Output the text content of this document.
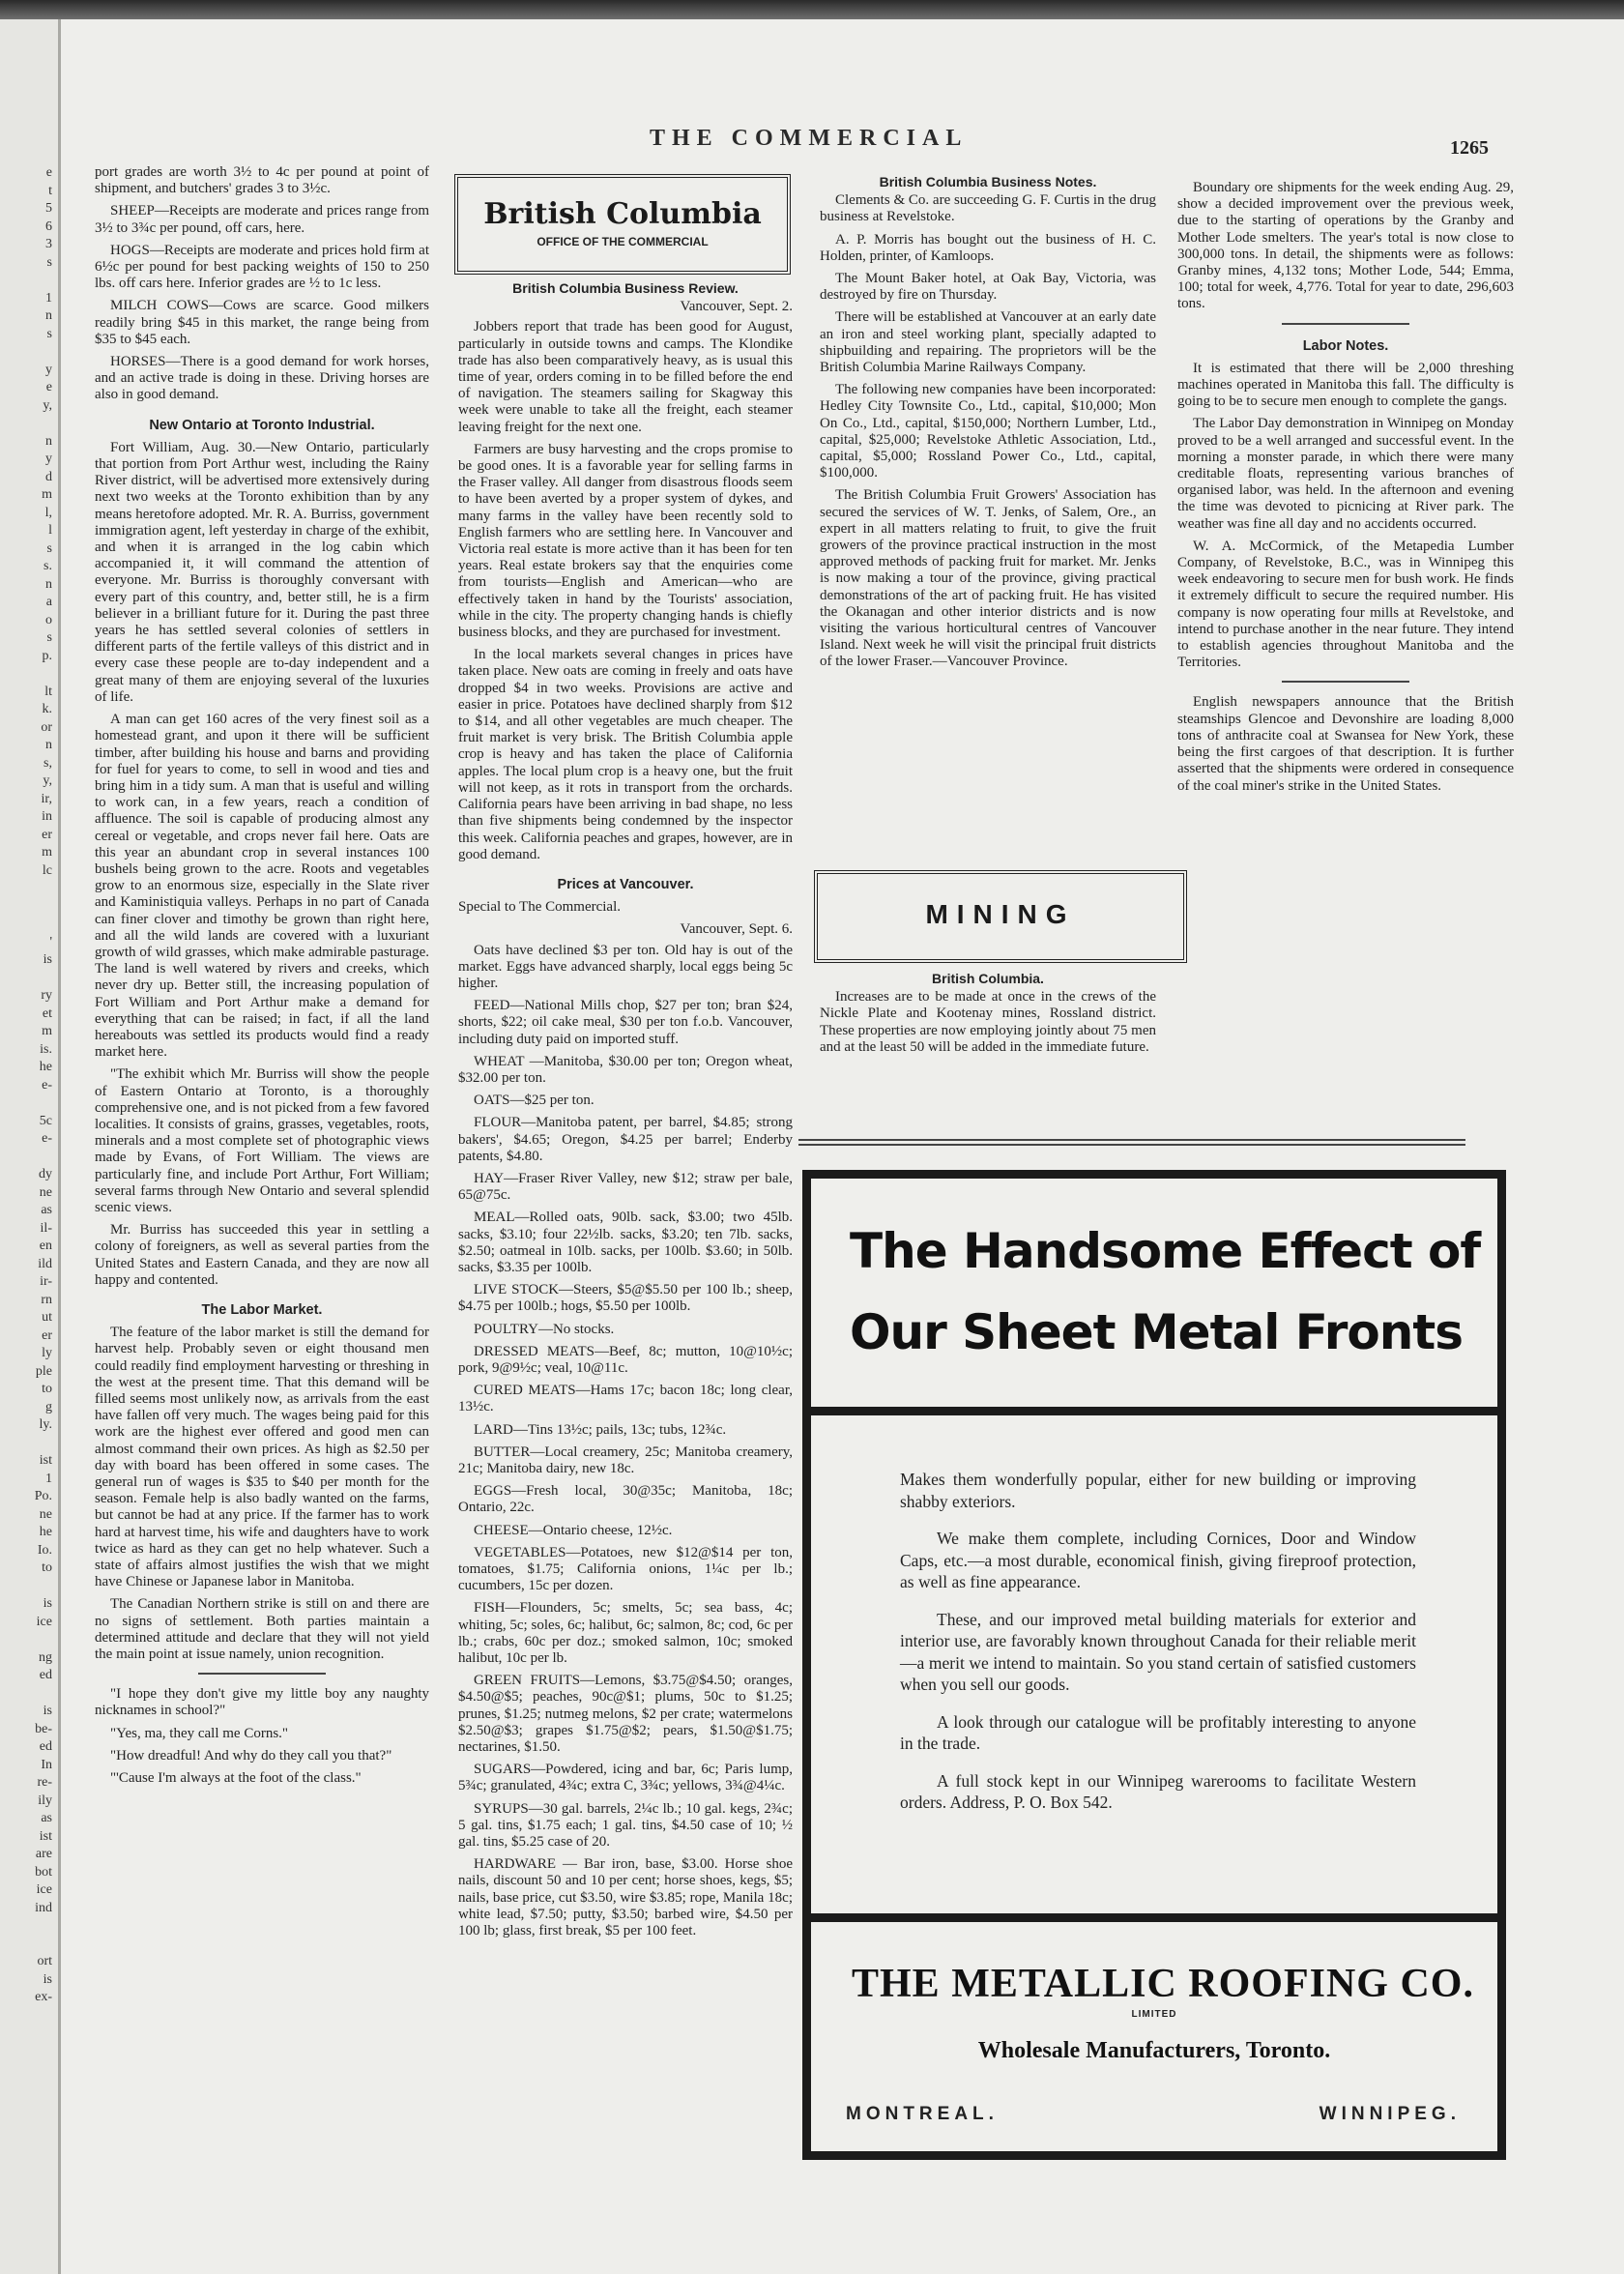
e
t
5
6
3
s
1
n
s
y
e
y,
n
y
d
m
l,
l
s
s.
n
a
o
s
p.
lt
k.
or
n
s,
y,
ir,
in
er
m
lc
'
is
ry
et
m
is.
he
e-
5c
e-
dy
ne
as
il-
en
ild
ir-
rn
ut
er
ly
ple
to
g
ly.
ist
1
Po.
ne
he
Io.
to
is
ice
ng
ed
is
be-
ed
In
re-
ily
as
ist
are
bot
ice
ind
ort
is
ex-
THE COMMERCIAL	1265

port grades are worth 3½ to 4c per pound at point of shipment, and butchers' grades 3 to 3½c.

SHEEP—Receipts are moderate and prices range from 3½ to 3¾c per pound, off cars, here.

HOGS—Receipts are moderate and prices hold firm at 6½c per pound for best packing weights of 150 to 250 lbs. off cars here. Inferior grades are ½ to 1c less.

MILCH COWS—Cows are scarce. Good milkers readily bring $45 in this market, the range being from $35 to $45 each.

HORSES—There is a good demand for work horses, and an active trade is doing in these. Driving horses are also in good demand.

New Ontario at Toronto Industrial.

Fort William, Aug. 30.—New Ontario, particularly that portion from Port Arthur west, including the Rainy River district, will be advertised more extensively during next two weeks at the Toronto exhibition than by any means heretofore adopted. Mr. R. A. Burriss, government immigration agent, left yesterday in charge of the exhibit, and when it is arranged in the log cabin which accompanied it, it will command the attention of everyone. Mr. Burriss is thoroughly conversant with every part of this country, and, better still, he is a firm believer in a brilliant future for it. During the past three years he has settled several colonies of settlers in different parts of the fertile valleys of this district and in every case these people are to-day independent and a great many of them are enjoying several of the luxuries of life.

A man can get 160 acres of the very finest soil as a homestead grant, and upon it there will be sufficient timber, after building his house and barns and providing for fuel for years to come, to sell in wood and ties and bring him in a tidy sum. A man that is useful and willing to work can, in a few years, reach a condition of affluence. The soil is capable of producing almost any cereal or vegetable, and crops never fail here. Oats are this year an abundant crop in several instances 100 bushels being grown to the acre. Roots and vegetables grow to an enormous size, especially in the Slate river and Kaministiquia valleys. Perhaps in no part of Canada can finer clover and timothy be grown than right here, and all the wild lands are covered with a luxuriant growth of wild grasses, which make admirable pasturage. The land is well watered by rivers and creeks, which never dry up. Better still, the increasing population of Fort William and Port Arthur make a demand for everything that can be raised; in fact, if all the land hereabouts was settled its products would find a ready market here.

"The exhibit which Mr. Burriss will show the people of Eastern Ontario at Toronto, is a thoroughly comprehensive one, and is not picked from a few favored localities. It consists of grains, grasses, vegetables, roots, minerals and a most complete set of photographic views made by Evans, of Fort William. The views are particularly fine, and include Port Arthur, Fort William; several farms through New Ontario and several splendid scenic views.

Mr. Burriss has succeeded this year in settling a colony of foreigners, as well as several parties from the United States and Eastern Canada, and they are now all happy and contented.

The Labor Market.

The feature of the labor market is still the demand for harvest help. Probably seven or eight thousand men could readily find employment harvesting or threshing in the west at the present time. That this demand will be filled seems most unlikely now, as arrivals from the east have fallen off very much. The wages being paid for this work are the highest ever offered and good men can almost command their own prices. As high as $2.50 per day with board has been offered in some cases. The general run of wages is $35 to $40 per month for the season. Female help is also badly wanted on the farms, but cannot be had at any price. If the farmer has to work hard at harvest time, his wife and daughters have to work twice as hard as they can get no help whatever. Such a state of affairs almost justifies the wish that we might have Chinese or Japanese labor in Manitoba.

The Canadian Northern strike is still on and there are no signs of settlement. Both parties maintain a determined attitude and declare that they will not yield the main point at issue namely, union recognition.

"I hope they don't give my little boy any naughty nicknames in school?"

"Yes, ma, they call me Corns."

"How dreadful! And why do they call you that?"

"'Cause I'm always at the foot of the class."

British Columbia
OFFICE OF THE COMMERCIAL

British Columbia Business Review.

Vancouver, Sept. 2.

Jobbers report that trade has been good for August, particularly in outside towns and camps. The Klondike trade has also been comparatively heavy, as is usual this time of year, orders coming in to be filled before the end of navigation. The steamers sailing for Skagway this week were unable to take all the freight, each steamer leaving freight for the next one.

Farmers are busy harvesting and the crops promise to be good ones. It is a favorable year for selling farms in the Fraser valley. All danger from disastrous floods seem to have been averted by a proper system of dykes, and many farms in the valley have been recently sold to English farmers who are settling here. In Vancouver and Victoria real estate is more active than it has been for ten years. Real estate brokers say that the enquiries come from tourists—English and American—who are effectively taken in hand by the Tourists' association, while in the city. The property changing hands is chiefly business blocks, and they are purchased for investment.

In the local markets several changes in prices have taken place. New oats are coming in freely and oats have dropped $4 in two weeks. Provisions are active and easier in price. Potatoes have declined sharply from $12 to $14, and all other vegetables are much cheaper. The fruit market is very brisk. The British Columbia apple crop is heavy and has taken the place of California apples. The local plum crop is a heavy one, but the fruit will not keep, as it rots in transport from the orchards. California pears have been arriving in bad shape, no less than five shipments being condemned by the inspector this week. California peaches and grapes, however, are in good demand.

Prices at Vancouver.

Special to The Commercial.

Vancouver, Sept. 6.

Oats have declined $3 per ton. Old hay is out of the market. Eggs have advanced sharply, local eggs being 5c higher.

FEED—National Mills chop, $27 per ton; bran $24, shorts, $22; oil cake meal, $30 per ton f.o.b. Vancouver, including duty paid on imported stuff.

WHEAT —Manitoba, $30.00 per ton; Oregon wheat, $32.00 per ton.

OATS—$25 per ton.

FLOUR—Manitoba patent, per barrel, $4.85; strong bakers', $4.65; Oregon, $4.25 per barrel; Enderby patents, $4.80.

HAY—Fraser River Valley, new $12; straw per bale, 65@75c.

MEAL—Rolled oats, 90lb. sack, $3.00; two 45lb. sacks, $3.10; four 22½lb. sacks, $3.20; ten 7lb. sacks, $2.50; oatmeal in 10lb. sacks, per 100lb. $3.60; in 50lb. sacks, $3.35 per 100lb.

LIVE STOCK—Steers, $5@$5.50 per 100 lb.; sheep, $4.75 per 100lb.; hogs, $5.50 per 100lb.

POULTRY—No stocks.

DRESSED MEATS—Beef, 8c; mutton, 10@10½c; pork, 9@9½c; veal, 10@11c.

CURED MEATS—Hams 17c; bacon 18c; long clear, 13½c.

LARD—Tins 13½c; pails, 13c; tubs, 12¾c.

BUTTER—Local creamery, 25c; Manitoba creamery, 21c; Manitoba dairy, new 18c.

EGGS—Fresh local, 30@35c; Manitoba, 18c; Ontario, 22c.

CHEESE—Ontario cheese, 12½c.

VEGETABLES—Potatoes, new $12@$14 per ton, tomatoes, $1.75; California onions, 1¼c per lb.; cucumbers, 15c per dozen.

FISH—Flounders, 5c; smelts, 5c; sea bass, 4c; whiting, 5c; soles, 6c; halibut, 6c; salmon, 8c; cod, 6c per lb.; crabs, 60c per doz.; smoked salmon, 10c; smoked halibut, 10c per lb.

GREEN FRUITS—Lemons, $3.75@$4.50; oranges, $4.50@$5; peaches, 90c@$1; plums, 50c to $1.25; prunes, $1.25; nutmeg melons, $2 per crate; watermelons $2.50@$3; grapes $1.75@$2; pears, $1.50@$1.75; nectarines, $1.50.

SUGARS—Powdered, icing and bar, 6c; Paris lump, 5¾c; granulated, 4¾c; extra C, 3¾c; yellows, 3¾@4¼c.

SYRUPS—30 gal. barrels, 2¼c lb.; 10 gal. kegs, 2¾c; 5 gal. tins, $1.75 each; 1 gal. tins, $4.50 case of 10; ½ gal. tins, $5.25 case of 20.

HARDWARE — Bar iron, base, $3.00. Horse shoe nails, discount 50 and 10 per cent; horse shoes, kegs, $5; nails, base price, cut $3.50, wire $3.85; rope, Manila 18c; white lead, $7.50; putty, $3.50; barbed wire, $4.50 per 100 lb; glass, first break, $5 per 100 feet.

British Columbia Business Notes.

Clements & Co. are succeeding G. F. Curtis in the drug business at Revelstoke.

A. P. Morris has bought out the business of H. C. Holden, printer, of Kamloops.

The Mount Baker hotel, at Oak Bay, Victoria, was destroyed by fire on Thursday.

There will be established at Vancouver at an early date an iron and steel working plant, specially adapted to shipbuilding and repairing. The proprietors will be the British Columbia Marine Railways Company.

The following new companies have been incorporated: Hedley City Townsite Co., Ltd., capital, $10,000; Mon On Co., Ltd., capital, $150,000; Northern Lumber, Ltd., capital, $25,000; Revelstoke Athletic Association, Ltd., capital, $5,000; Rossland Power Co., Ltd., capital, $100,000.

The British Columbia Fruit Growers' Association has secured the services of W. T. Jenks, of Salem, Ore., an expert in all matters relating to fruit, to give the fruit growers of the province practical instruction in the most approved methods of packing fruit for market. Mr. Jenks is now making a tour of the province, giving practical demonstrations of the art of packing fruit. He has visited the Okanagan and other interior districts and is now visiting the various horticultural centres of Vancouver Island. Next week he will visit the principal fruit districts of the lower Fraser.—Vancouver Province.

MINING

British Columbia.

Increases are to be made at once in the crews of the Nickle Plate and Kootenay mines, Rossland district. These properties are now employing jointly about 75 men and at the least 50 will be added in the immediate future.

Boundary ore shipments for the week ending Aug. 29, show a decided improvement over the previous week, due to the starting of operations by the Granby and Mother Lode smelters. The year's total is now close to 300,000 tons. In detail, the shipments were as follows: Granby mines, 4,132 tons; Mother Lode, 544; Emma, 100; total for week, 4,776. Total for year to date, 296,603 tons.

Labor Notes.

It is estimated that there will be 2,000 threshing machines operated in Manitoba this fall. The difficulty is going to be to secure men enough to complete the gangs.

The Labor Day demonstration in Winnipeg on Monday proved to be a well arranged and successful event. In the morning a monster parade, in which there were many creditable floats, representing various branches of organised labor, was held. In the afternoon and evening the time was devoted to picnicing at River park. The weather was fine all day and no accidents occurred.

W. A. McCormick, of the Metapedia Lumber Company, of Revelstoke, B.C., was in Winnipeg this week endeavoring to secure men for bush work. He finds it extremely difficult to secure the required number. His company is now operating four mills at Revelstoke, and intend to purchase another in the near future. They intend to establish agencies throughout Manitoba and the Territories.

English newspapers announce that the British steamships Glencoe and Devonshire are loading 8,000 tons of anthracite coal at Swansea for New York, these being the first cargoes of that description. It is further asserted that the shipments were ordered in consequence of the coal miner's strike in the United States.

The Handsome Effect of
Our Sheet Metal Fronts

Makes them wonderfully popular, either for new building or improving shabby exteriors.

We make them complete, including Cornices, Door and Window Caps, etc.—a most durable, economical finish, giving fireproof protection, as well as fine appearance.

These, and our improved metal building materials for exterior and interior use, are favorably known throughout Canada for their reliable merit—a merit we intend to maintain. So you stand certain of satisfied customers when you sell our goods.

A look through our catalogue will be profitably interesting to anyone in the trade.

A full stock kept in our Winnipeg warerooms to facilitate Western orders. Address, P. O. Box 542.

THE METALLIC ROOFING CO.
LIMITED
Wholesale Manufacturers, Toronto.
MONTREAL.	WINNIPEG.
